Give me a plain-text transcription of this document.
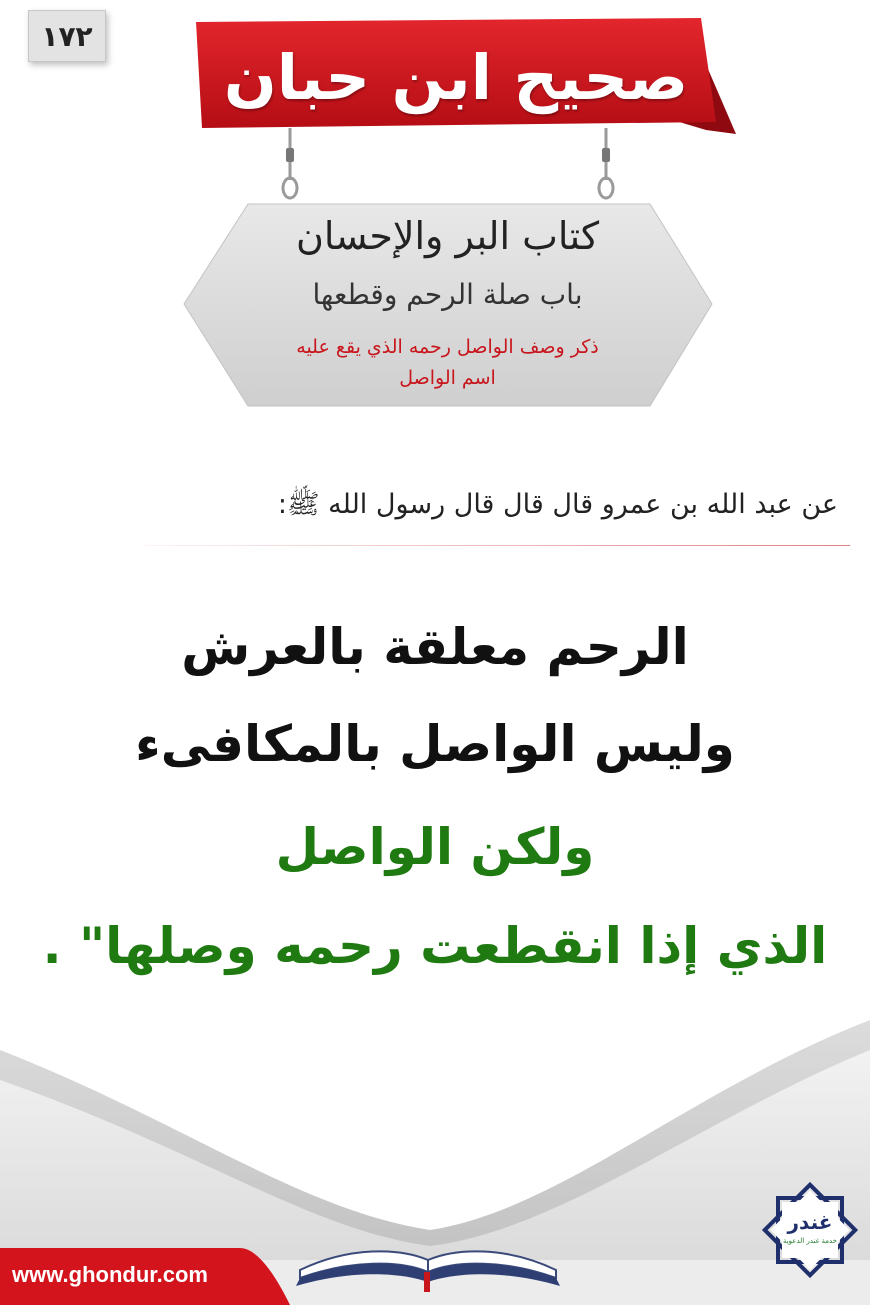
١٧٢
صحيح ابن حبان
كتاب البر والإحسان
باب صلة الرحم وقطعها
ذكر وصف الواصل رحمه الذي يقع عليه
اسم الواصل
عن عبد الله بن عمرو قال قال قال رسول الله ﷺ:
الرحم معلقة بالعرش
وليس الواصل بالمكافىء
ولكن الواصل
الذي إذا انقطعت رحمه وصلها" .
www.ghondur.com
غندر
خدمة غندر الدعوية
